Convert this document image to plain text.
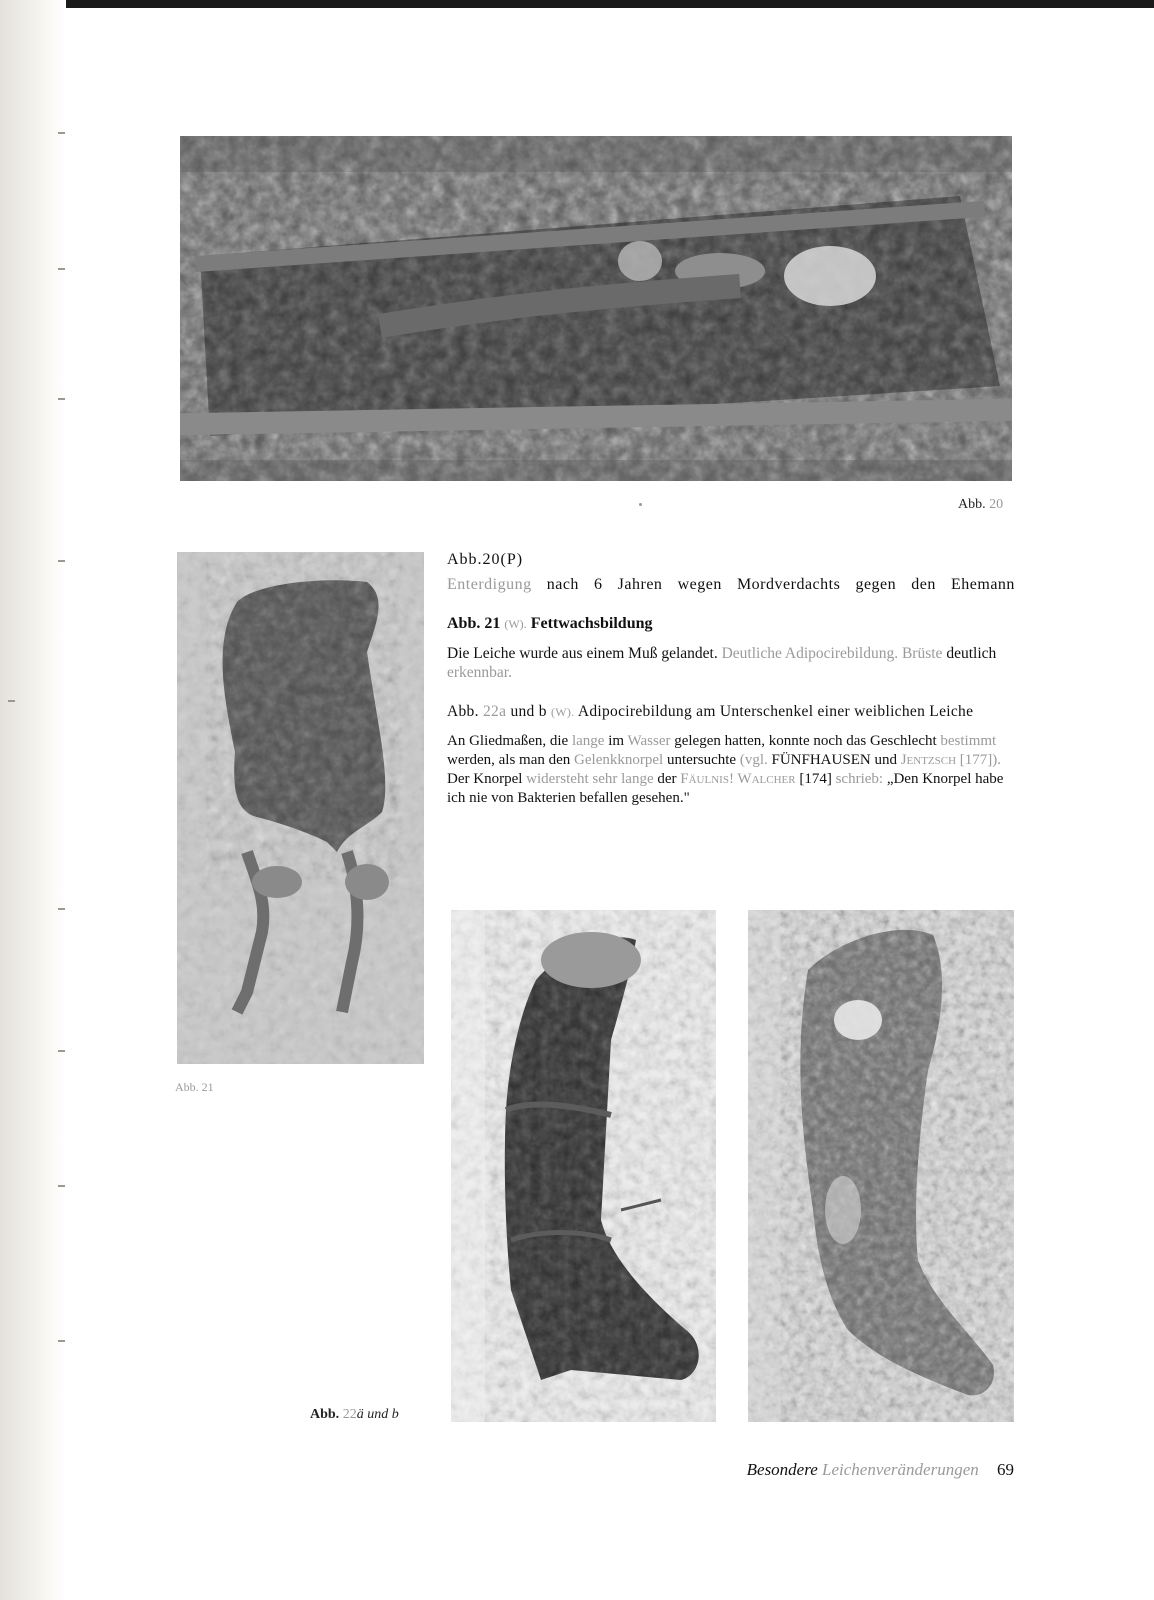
Abb. 20
Abb. 21
Abb.20(P)
Enterdigung nach 6 Jahren wegen Mordverdachts gegen den Ehemann
Abb. 21 (W). Fettwachsbildung
Die Leiche wurde aus einem Muß gelandet. Deutliche Adipocirebildung. Brüste deutlich erkennbar.
Abb. 22a und b (W). Adipocirebildung am Unterschenkel einer weiblichen Leiche
An Gliedmaßen, die lange im Wasser gelegen hatten, konnte noch das Geschlecht bestimmt werden, als man den Gelenkknorpel untersuchte (vgl. FÜNFHAUSEN und Jentzsch [177]). Der Knorpel widersteht sehr lange der Fäulnis! Walcher [174] schrieb: „Den Knorpel habe ich nie von Bakterien befallen gesehen."
Abb. 22ä und b
Besondere Leichenveränderungen 69
